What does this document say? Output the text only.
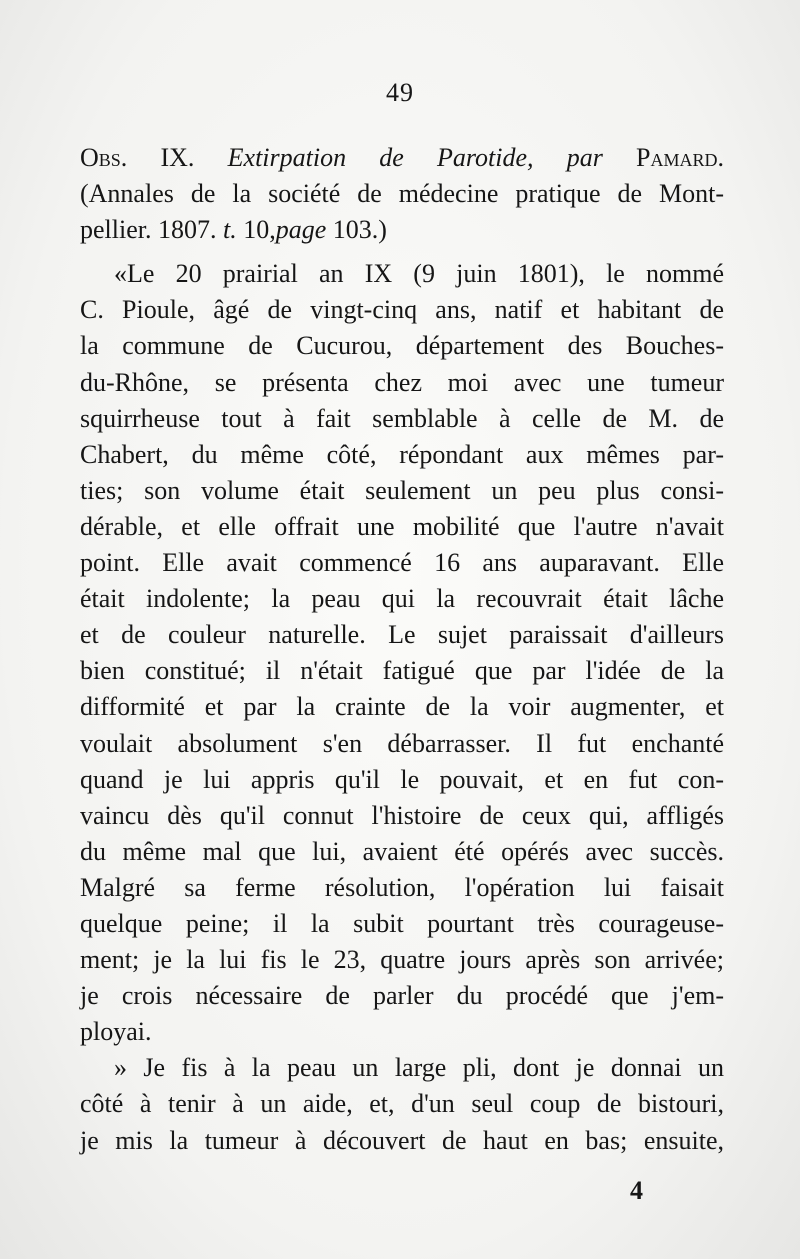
49
Obs. IX. Extirpation de Parotide, par Pamard.
(Annales de la société de médecine pratique de Mont-
pellier. 1807. t. 10,page 103.)
«Le 20 prairial an IX (9 juin 1801), le nommé
C. Pioule, âgé de vingt-cinq ans, natif et habitant de
la commune de Cucurou, département des Bouches-
du-Rhône, se présenta chez moi avec une tumeur
squirrheuse tout à fait semblable à celle de M. de
Chabert, du même côté, répondant aux mêmes par-
ties; son volume était seulement un peu plus consi-
dérable, et elle offrait une mobilité que l'autre n'avait
point. Elle avait commencé 16 ans auparavant. Elle
était indolente; la peau qui la recouvrait était lâche
et de couleur naturelle. Le sujet paraissait d'ailleurs
bien constitué; il n'était fatigué que par l'idée de la
difformité et par la crainte de la voir augmenter, et
voulait absolument s'en débarrasser. Il fut enchanté
quand je lui appris qu'il le pouvait, et en fut con-
vaincu dès qu'il connut l'histoire de ceux qui, affligés
du même mal que lui, avaient été opérés avec succès.
Malgré sa ferme résolution, l'opération lui faisait
quelque peine; il la subit pourtant très courageuse-
ment; je la lui fis le 23, quatre jours après son arrivée;
je crois nécessaire de parler du procédé que j'em-
ployai.
» Je fis à la peau un large pli, dont je donnai un
côté à tenir à un aide, et, d'un seul coup de bistouri,
je mis la tumeur à découvert de haut en bas; ensuite,
4
